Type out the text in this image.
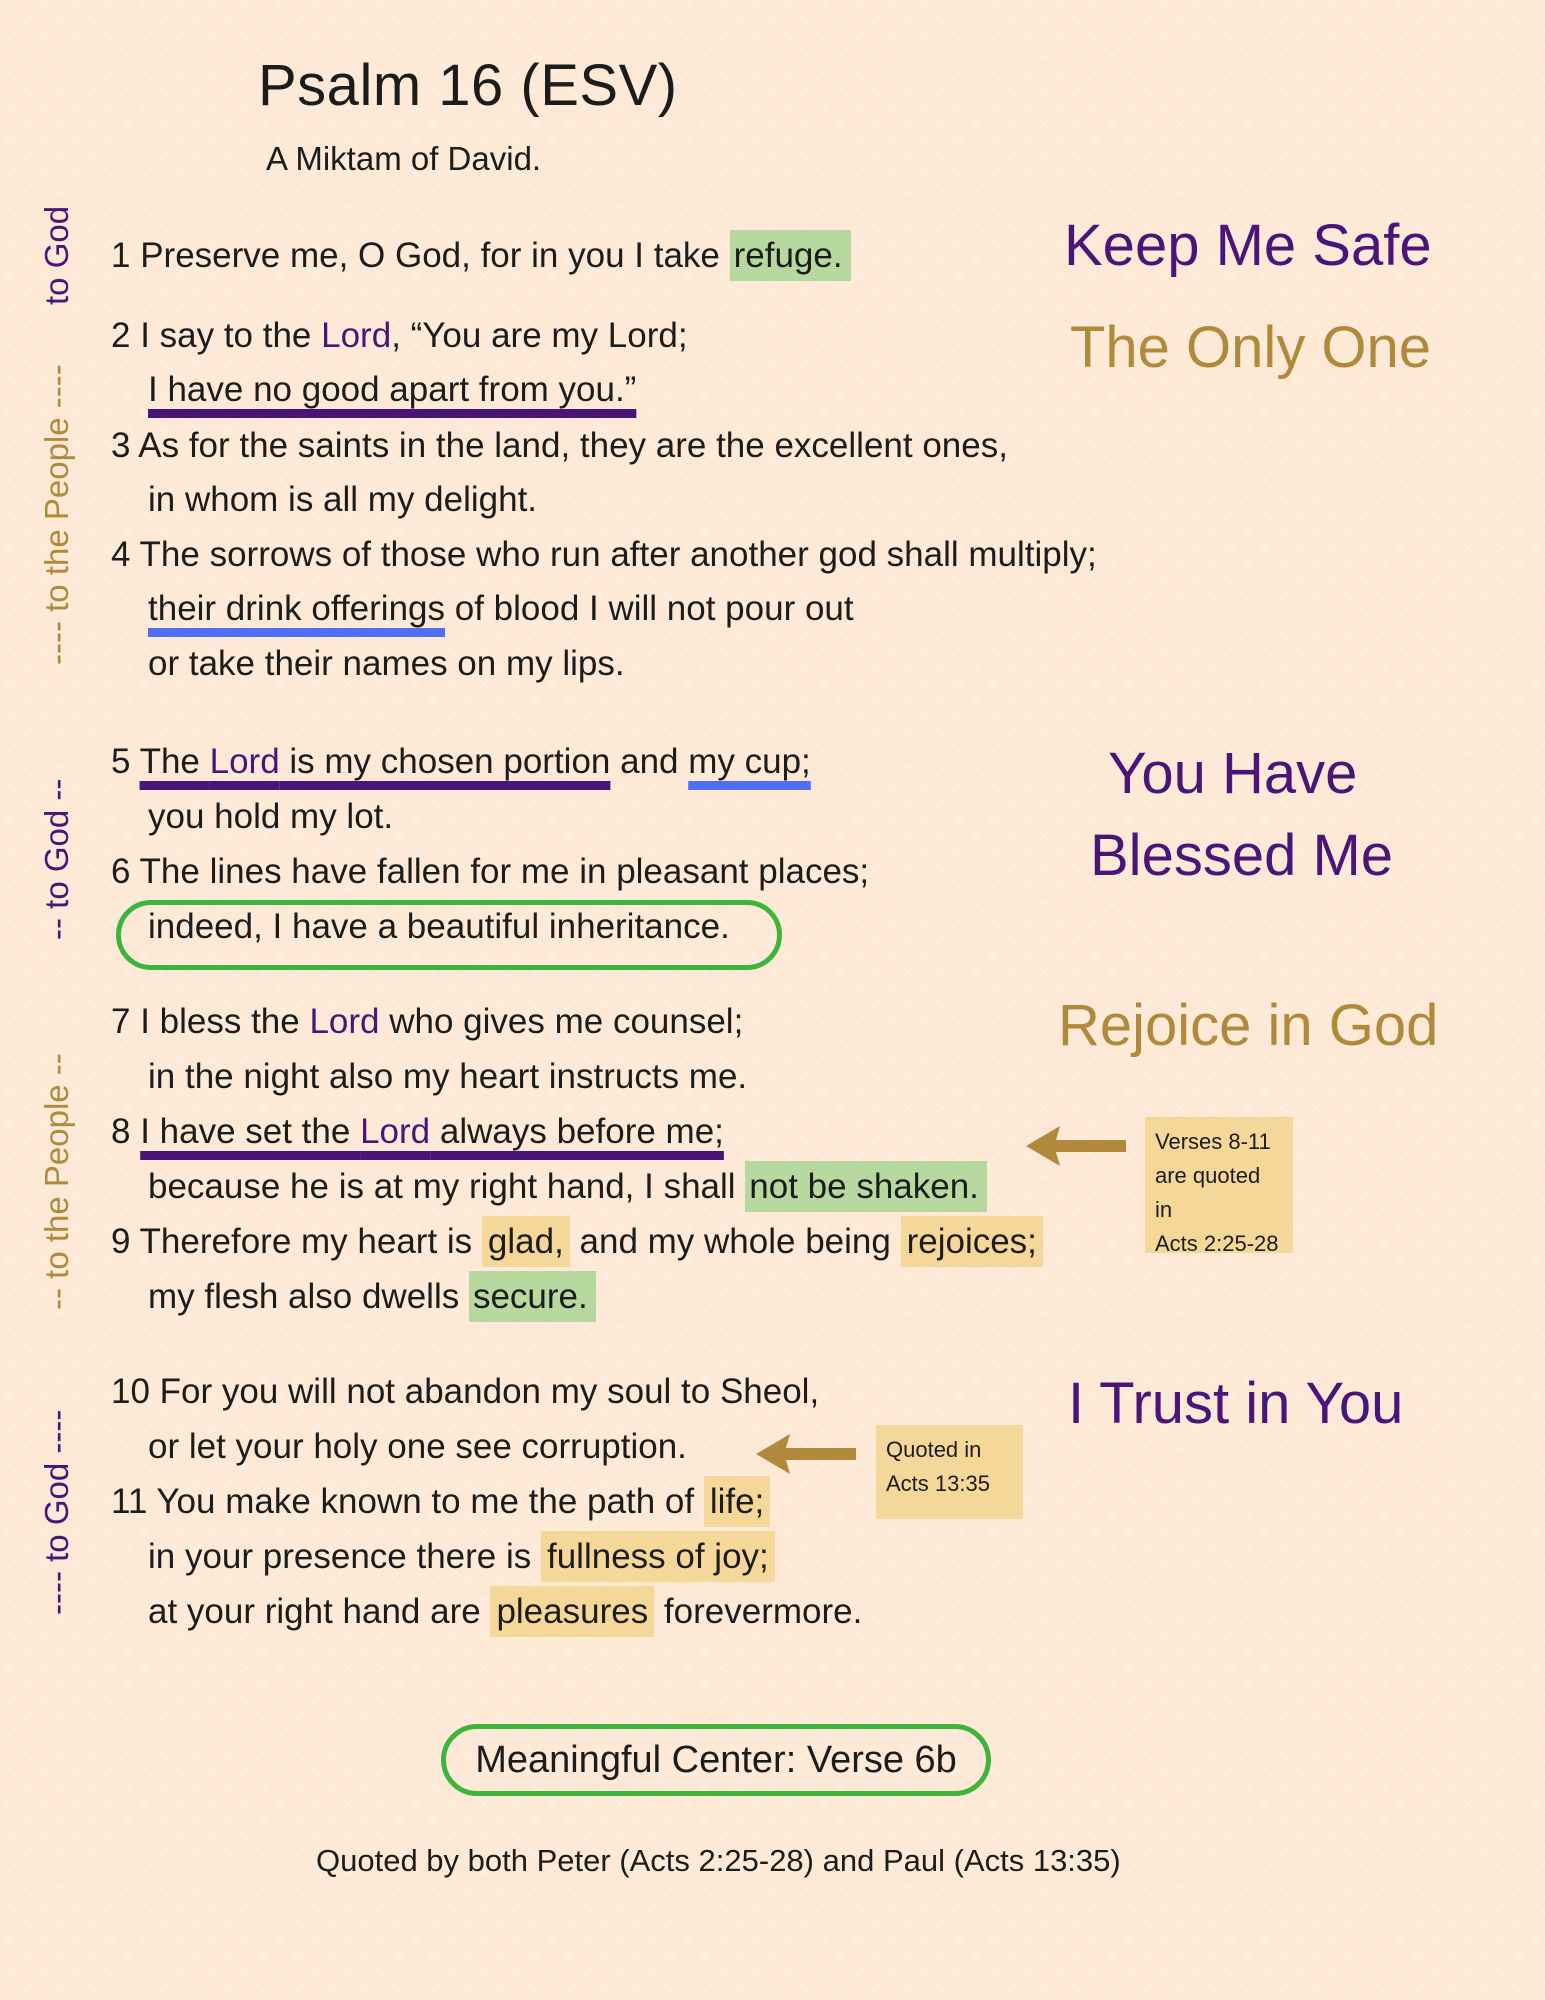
Psalm 16 (ESV)
A Miktam of David.
to God
---- to the People ----
-- to God --
-- to the People --
---- to God ----
1 Preserve me, O God, for in you I take refuge.
2 I say to the Lord, “You are my Lord;
I have no good apart from you.”
3 As for the saints in the land, they are the excellent ones,
in whom is all my delight.
4 The sorrows of those who run after another god shall multiply;
their drink offerings of blood I will not pour out
or take their names on my lips.
5 The Lord is my chosen portion and my cup;
you hold my lot.
6 The lines have fallen for me in pleasant places;
indeed, I have a beautiful inheritance.
7 I bless the Lord who gives me counsel;
in the night also my heart instructs me.
8 I have set the Lord always before me;
because he is at my right hand, I shall not be shaken.
9 Therefore my heart is glad, and my whole being rejoices;
my flesh also dwells secure.
10 For you will not abandon my soul to Sheol,
or let your holy one see corruption.
11 You make known to me the path of life;
in your presence there is fullness of joy;
at your right hand are pleasures forevermore.
Keep Me Safe
The Only One
You Have
Blessed Me
Rejoice in God
I Trust in You
Verses 8-11
are quoted in
Acts 2:25-28
Quoted in
Acts 13:35
Meaningful Center: Verse 6b
Quoted by both Peter (Acts 2:25-28) and Paul (Acts 13:35)
